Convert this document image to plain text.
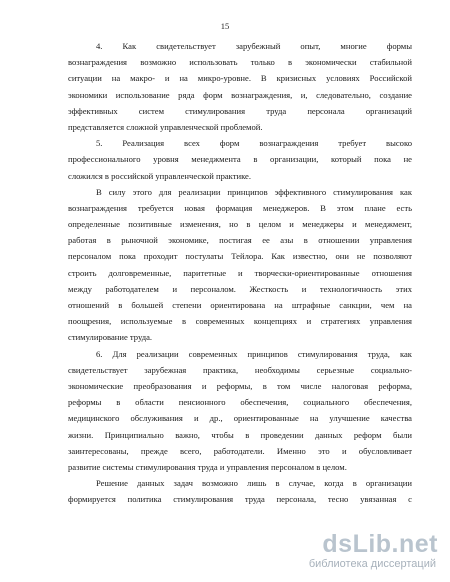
15

4. Как свидетельствует зарубежный опыт, многие формы
вознаграждения возможно использовать только в экономически стабильной
ситуации на макро- и на микро-уровне. В кризисных условиях Российской
экономики использование ряда форм вознаграждения, и, следовательно, создание
эффективных систем стимулирования труда персонала организаций
представляется сложной управленческой проблемой.

5. Реализация всех форм вознаграждения требует высоко
профессионального уровня менеджмента в организации, который пока не
сложился в российской управленческой практике.

В силу этого для реализации принципов эффективного стимулирования как
вознаграждения требуется новая формация менеджеров. В этом плане есть
определенные позитивные изменения, но в целом и менеджеры и менеджмент,
работая в рыночной экономике, постигая ее азы в отношении управления
персоналом пока проходит постулаты Тейлора. Как известно, они не позволяют
строить долговременные, паритетные и творчески-ориентированные отношения
между работодателем и персоналом. Жесткость и технологичность этих
отношений в большей степени ориентирована на штрафные санкции, чем на
поощрения, используемые в современных концепциях и стратегиях управления
стимулирование труда.

6. Для реализации современных принципов стимулирования труда, как
свидетельствует зарубежная практика, необходимы серьезные социально-
экономические преобразования и реформы, в том числе налоговая реформа,
реформы в области пенсионного обеспечения, социального обеспечения,
медицинского обслуживания и др., ориентированные на улучшение качества
жизни. Принципиально важно, чтобы в проведении данных реформ были
заинтересованы, прежде всего, работодатели. Именно это и обусловливает
развитие системы стимулирования труда и управления персоналом в целом.

Решение данных задач возможно лишь в случае, когда в организации
формируется политика стимулирования труда персонала, тесно увязанная с

dsLib.net
библиотека диссертаций
